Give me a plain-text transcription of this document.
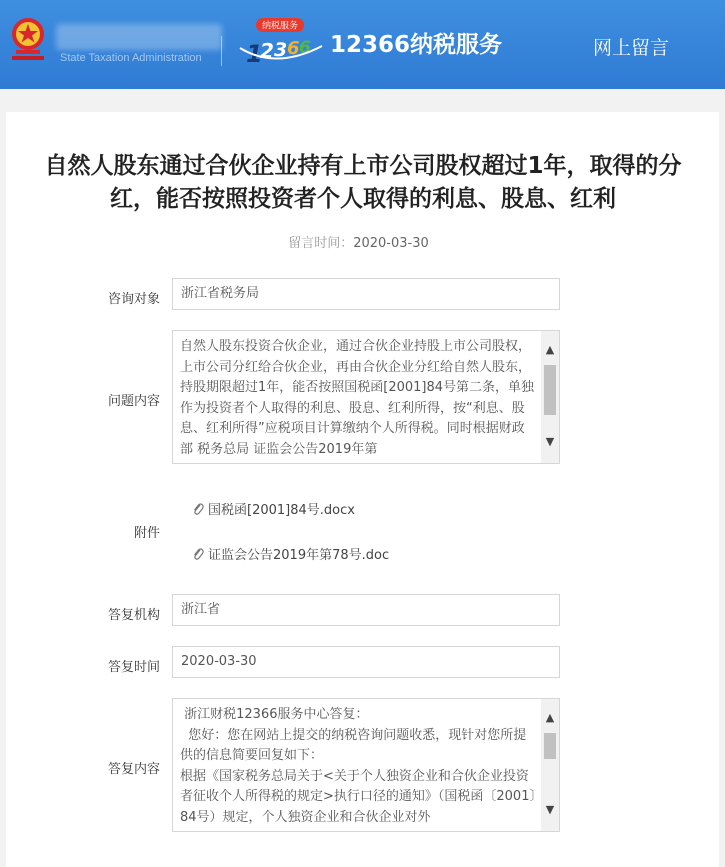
State Taxation Administration
纳税服务
1
2 3 6 6 12366纳税服务	网上留言
自然人股东通过合伙企业持有上市公司股权超过1年，取得的分红，能否按照投资者个人取得的利息、股息、红利
留言时间：2020-03-30
咨询对象	浙江省税务局
问题内容
自然人股东投资合伙企业，通过合伙企业持股上市公司股权，上市公司分红给合伙企业，再由合伙企业分红给自然人股东，持股期限超过1年，能否按照国税函[2001]84号第二条，单独作为投资者个人取得的利息、股息、红利所得，按“利息、股息、红利所得”应税项目计算缴纳个人所得税。同时根据财政部 税务总局 证监会公告2019年第
▲
▼
附件
国税函[2001]84号.docx
证监会公告2019年第78号.doc
答复机构	浙江省
答复时间	2020-03-30
答复内容
浙江财税12366服务中心答复：
您好：您在网站上提交的纳税咨询问题收悉，现针对您所提供的信息简要回复如下：
根据《国家税务总局关于<关于个人独资企业和合伙企业投资者征收个人所得税的规定>执行口径的通知》（国税函〔2001〕84号）规定，个人独资企业和合伙企业对外
▲
▼
